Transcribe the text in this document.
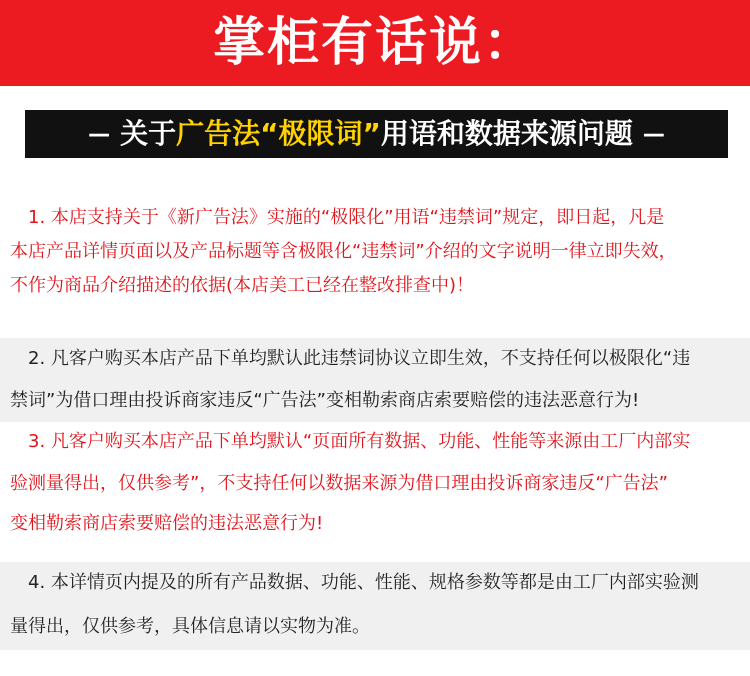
掌柜有话说：
— 关于广告法“极限词”用语和数据来源问题 —
1. 本店支持关于《新广告法》实施的“极限化”用语“违禁词”规定，即日起，凡是
本店产品详情页面以及产品标题等含极限化“违禁词”介绍的文字说明一律立即失效，
不作为商品介绍描述的依据(本店美工已经在整改排查中)！
2. 凡客户购买本店产品下单均默认此违禁词协议立即生效，不支持任何以极限化“违
禁词”为借口理由投诉商家违反“广告法”变相勒索商店索要赔偿的违法恶意行为!
3. 凡客户购买本店产品下单均默认“页面所有数据、功能、性能等来源由工厂内部实
验测量得出，仅供参考”，不支持任何以数据来源为借口理由投诉商家违反“广告法”
变相勒索商店索要赔偿的违法恶意行为!
4. 本详情页内提及的所有产品数据、功能、性能、规格参数等都是由工厂内部实验测
量得出，仅供参考，具体信息请以实物为准。
